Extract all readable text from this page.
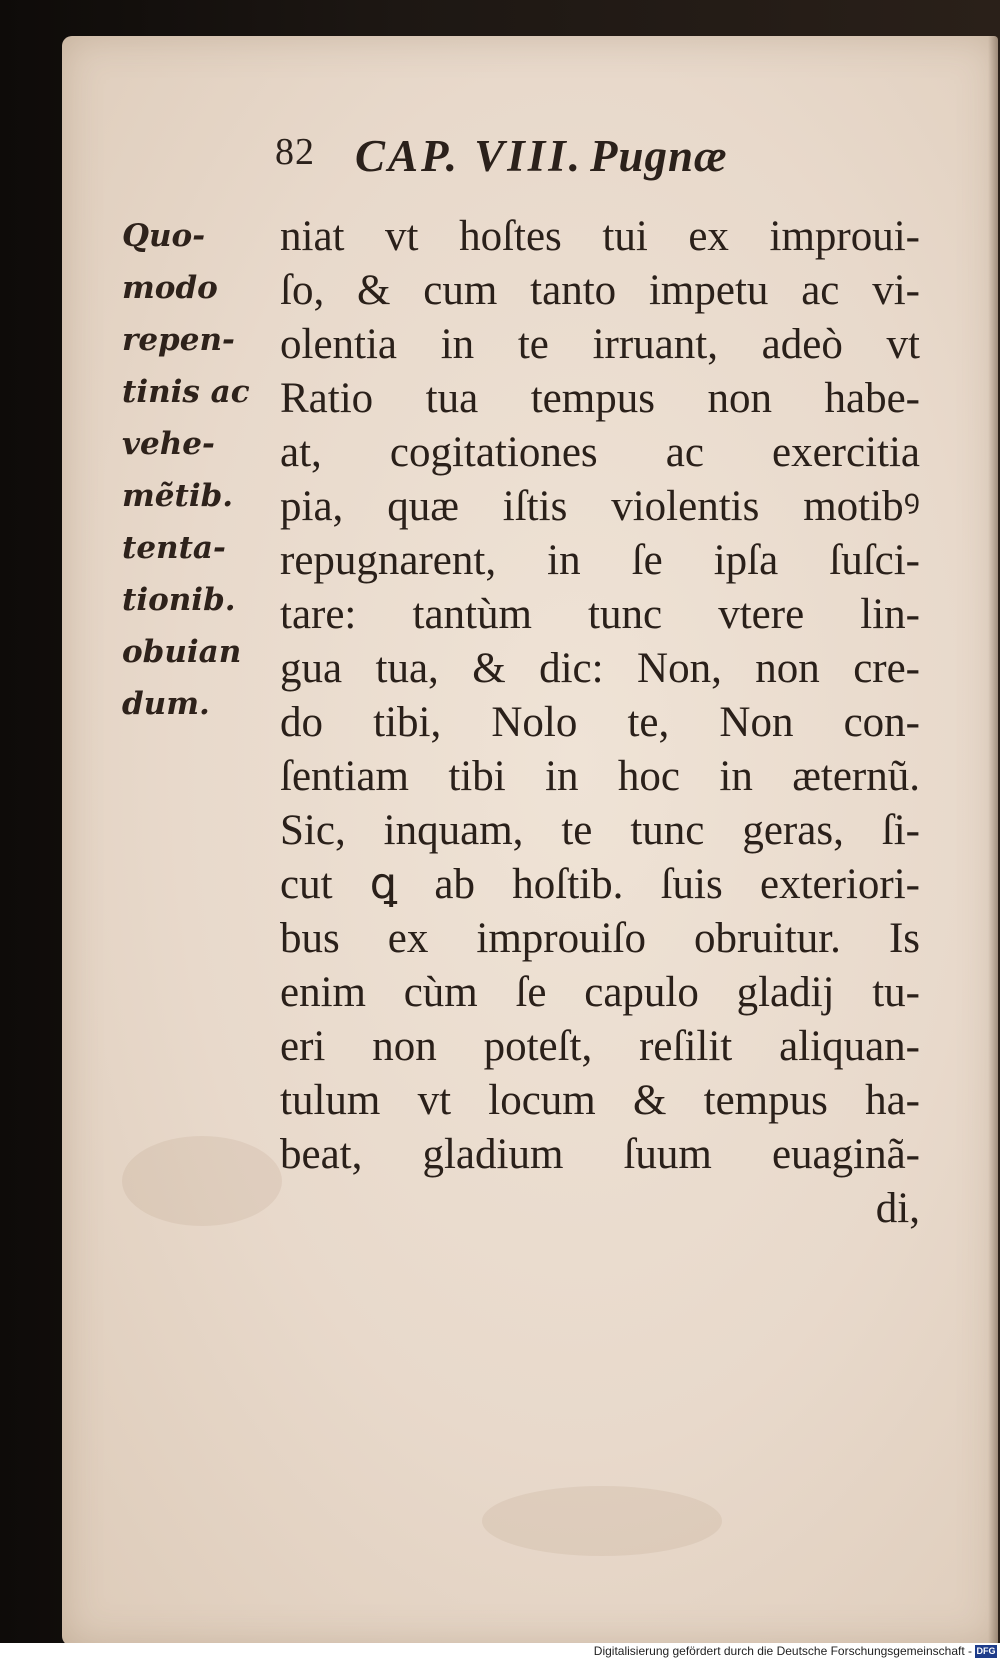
82 CAP. VIII. Pugnæ
Quo-
modo
repen-
tinis ac
vehe-
mẽtib.
tenta-
tionib.
obuian
dum.
niat vt hoſtes tui ex improui-
ſo, & cum tanto impetu ac vi-
olentia in te irruant, adeò vt
Ratio tua tempus non habe-
at, cogitationes ac exercitia
pia, quæ iſtis violentis motibꝰ
repugnarent, in ſe ipſa ſuſci-
tare: tantùm tunc vtere lin-
gua tua, & dic: Non, non cre-
do tibi, Nolo te, Non con-
ſentiam tibi in hoc in æternũ.
Sic, inquam, te tunc geras, ſi-
cut ꝗ ab hoſtib. ſuis exteriori-
bus ex improuiſo obruitur. Is
enim cùm ſe capulo gladij tu-
eri non poteſt, reſilit aliquan-
tulum vt locum & tempus ha-
beat, gladium ſuum euaginã-
di,
Digitalisierung gefördert durch die Deutsche Forschungsgemeinschaft - DFG
